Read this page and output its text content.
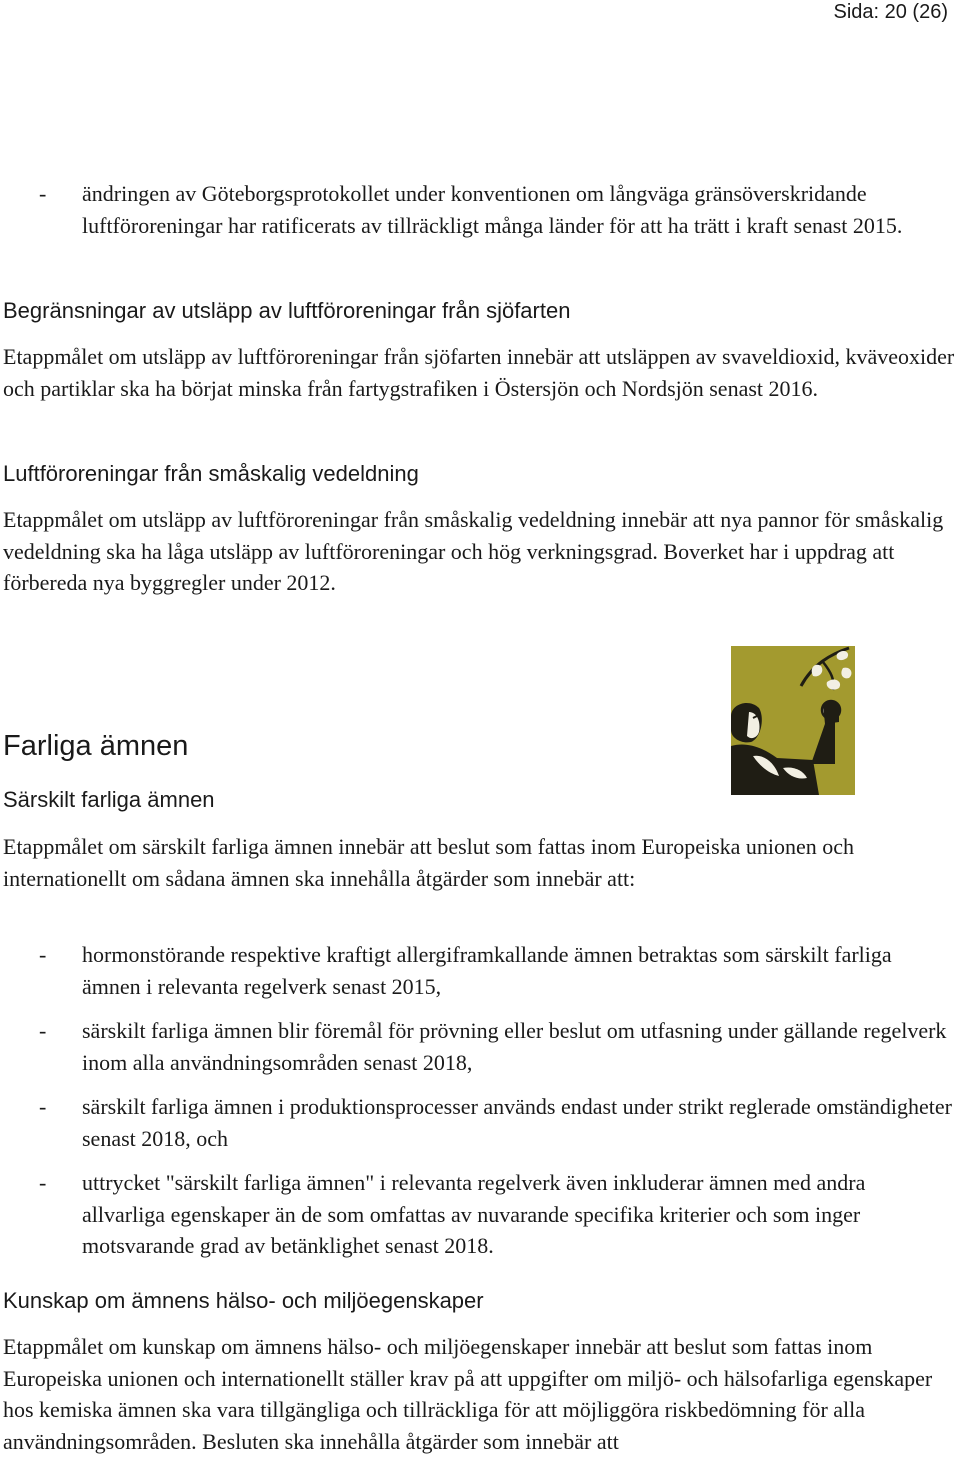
Sida: 20 (26)
- ändringen av Göteborgsprotokollet under konventionen om långväga gränsöverskridande luftföroreningar har ratificerats av tillräckligt många länder för att ha trätt i kraft senast 2015.
Begränsningar av utsläpp av luftföroreningar från sjöfarten
Etappmålet om utsläpp av luftföroreningar från sjöfarten innebär att utsläppen av svaveldioxid, kväveoxider och partiklar ska ha börjat minska från fartygstrafiken i Östersjön och Nordsjön senast 2016.
Luftföroreningar från småskalig vedeldning
Etappmålet om utsläpp av luftföroreningar från småskalig vedeldning innebär att nya pannor för småskalig vedeldning ska ha låga utsläpp av luftföroreningar och hög verkningsgrad. Boverket har i uppdrag att förbereda nya byggregler under 2012.
Farliga ämnen
Särskilt farliga ämnen
Etappmålet om särskilt farliga ämnen innebär att beslut som fattas inom Europeiska unionen och internationellt om sådana ämnen ska innehålla åtgärder som innebär att:
- hormonstörande respektive kraftigt allergiframkallande ämnen betraktas som särskilt farliga ämnen i relevanta regelverk senast 2015,
- särskilt farliga ämnen blir föremål för prövning eller beslut om utfasning under gällande regelverk inom alla användningsområden senast 2018,
- särskilt farliga ämnen i produktionsprocesser används endast under strikt reglerade omständigheter senast 2018, och
- uttrycket "särskilt farliga ämnen" i relevanta regelverk även inkluderar ämnen med andra allvarliga egenskaper än de som omfattas av nuvarande specifika kriterier och som inger motsvarande grad av betänklighet senast 2018.
Kunskap om ämnens hälso- och miljöegenskaper
Etappmålet om kunskap om ämnens hälso- och miljöegenskaper innebär att beslut som fattas inom Europeiska unionen och internationellt ställer krav på att uppgifter om miljö- och hälsofarliga egenskaper hos kemiska ämnen ska vara tillgängliga och tillräckliga för att möjliggöra riskbedömning för alla användningsområden. Besluten ska innehålla åtgärder som innebär att
